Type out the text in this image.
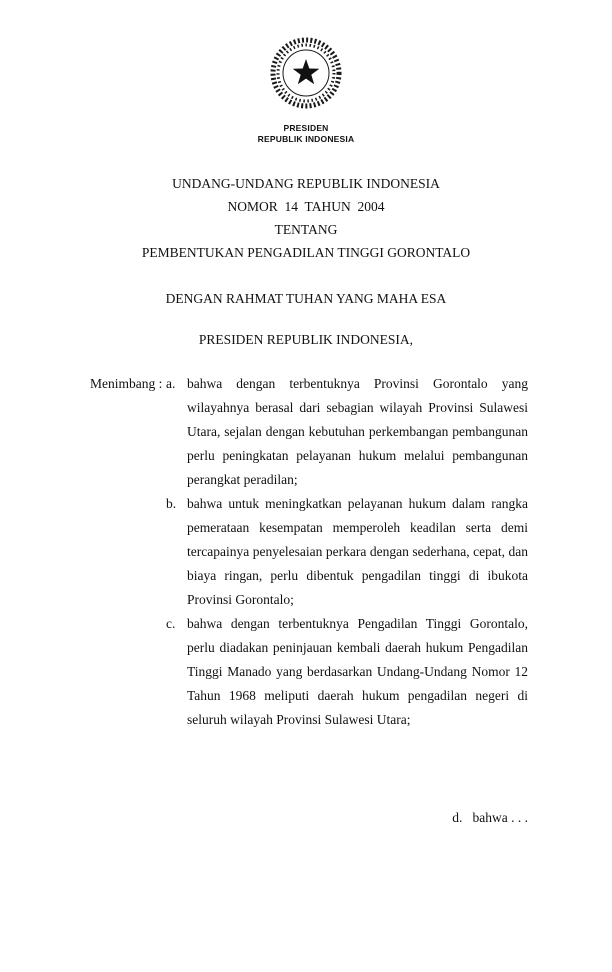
PRESIDEN
REPUBLIK INDONESIA
UNDANG-UNDANG REPUBLIK INDONESIA
NOMOR  14  TAHUN  2004
TENTANG
PEMBENTUKAN PENGADILAN TINGGI GORONTALO
DENGAN RAHMAT TUHAN YANG MAHA ESA
PRESIDEN REPUBLIK INDONESIA,
Menimbang : a. bahwa dengan terbentuknya Provinsi Gorontalo yang wilayahnya berasal dari sebagian wilayah Provinsi Sulawesi Utara, sejalan dengan kebutuhan perkembangan pembangunan perlu peningkatan pelayanan hukum melalui pembangunan perangkat peradilan;
b. bahwa untuk meningkatkan pelayanan hukum dalam rangka pemerataan kesempatan memperoleh keadilan serta demi tercapainya penyelesaian perkara dengan sederhana, cepat, dan biaya ringan, perlu dibentuk pengadilan tinggi di ibukota Provinsi Gorontalo;
c. bahwa dengan terbentuknya Pengadilan Tinggi Gorontalo, perlu diadakan peninjauan kembali daerah hukum Pengadilan Tinggi Manado yang berdasarkan Undang-Undang Nomor 12 Tahun 1968 meliputi daerah hukum pengadilan negeri di seluruh wilayah Provinsi Sulawesi Utara;
d.   bahwa . . .
